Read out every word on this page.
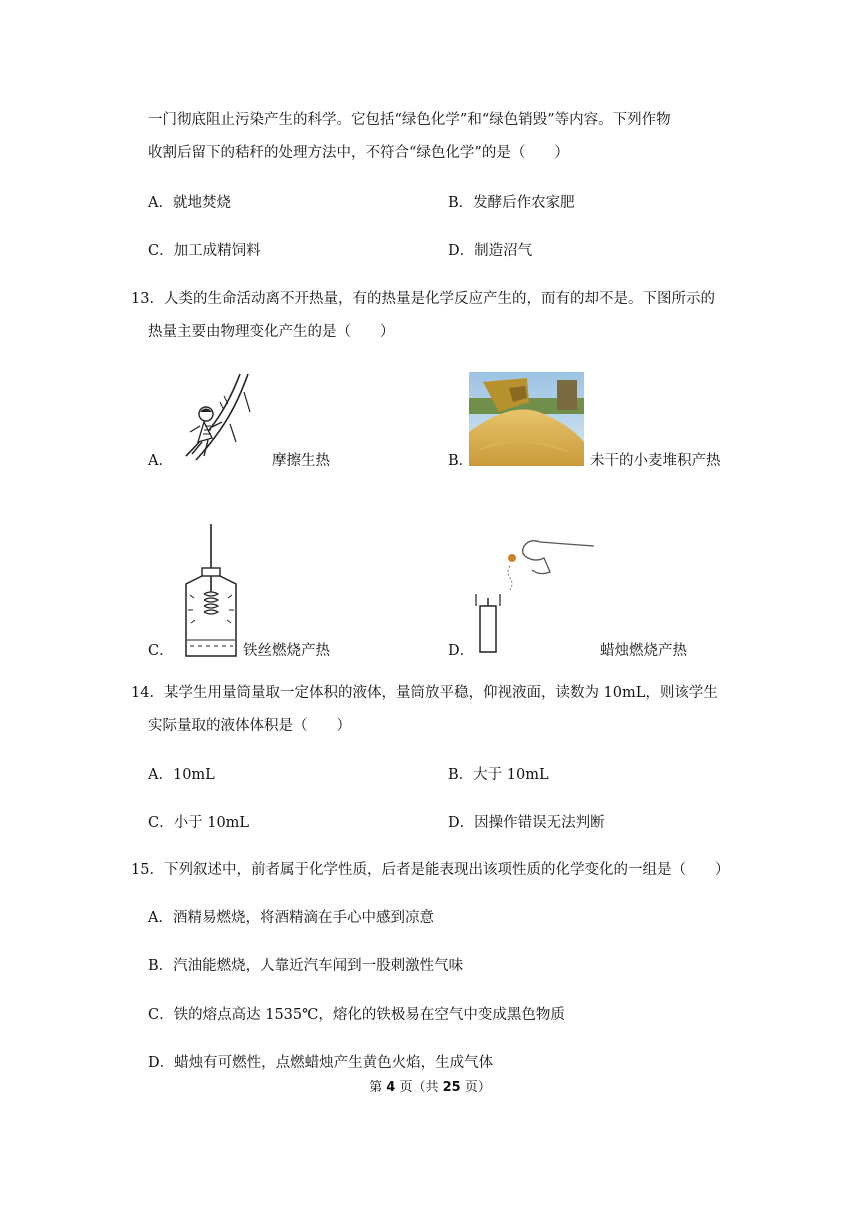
一门彻底阻止污染产生的科学。它包括“绿色化学”和“绿色销毁”等内容。下列作物
收割后留下的秸秆的处理方法中，不符合“绿色化学”的是（　　）
A．就地焚烧	B．发酵后作农家肥
C．加工成精饲料	D．制造沼气
13．人类的生命活动离不开热量，有的热量是化学反应产生的，而有的却不是。下图所示的
热量主要由物理变化产生的是（　　）
A．	摩擦生热	B．	未干的小麦堆积产热
C．	铁丝燃烧产热	D．	蜡烛燃烧产热
14．某学生用量筒量取一定体积的液体，量筒放平稳，仰视液面，读数为 10mL，则该学生
实际量取的液体体积是（　　）
A．10mL	B．大于 10mL
C．小于 10mL	D．因操作错误无法判断
15．下列叙述中，前者属于化学性质，后者是能表现出该项性质的化学变化的一组是（　　）
A．酒精易燃烧，将酒精滴在手心中感到凉意
B．汽油能燃烧，人靠近汽车闻到一股刺激性气味
C．铁的熔点高达 1535℃，熔化的铁极易在空气中变成黑色物质
D．蜡烛有可燃性，点燃蜡烛产生黄色火焰，生成气体
第 4 页（共 25 页）
